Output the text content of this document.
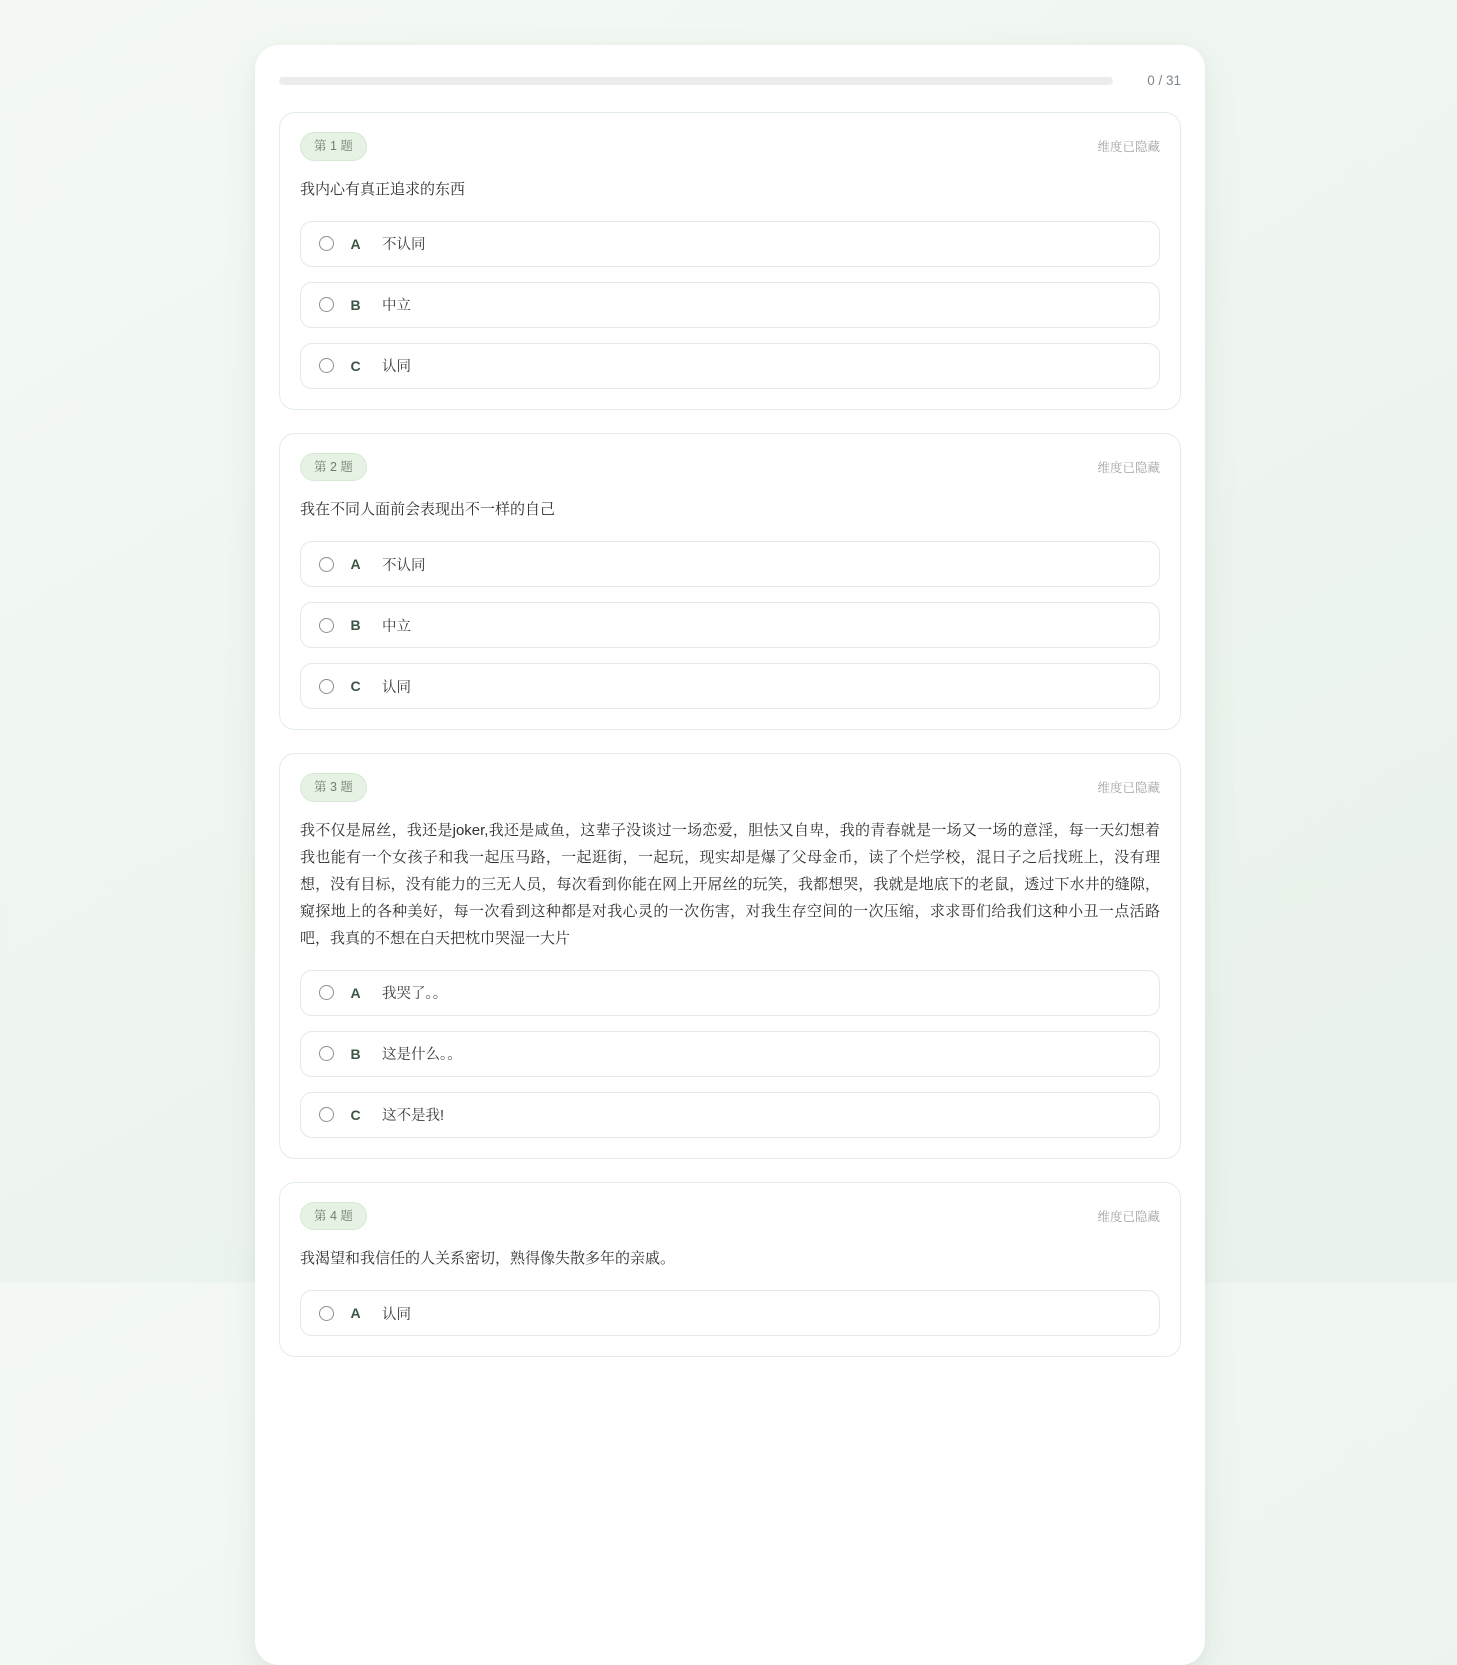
0 / 31
第 1 题	维度已隐藏

我内心有真正追求的东西

A 不认同
B 中立
C 认同
第 2 题	维度已隐藏

我在不同人面前会表现出不一样的自己

A 不认同
B 中立
C 认同
第 3 题	维度已隐藏

我不仅是屌丝，我还是joker,我还是咸鱼，这辈子没谈过一场恋爱，胆怯又自卑，我的青春就是一场又一场的意淫，每一天幻想着我也能有一个女孩子和我一起压马路，一起逛街，一起玩，现实却是爆了父母金币，读了个烂学校，混日子之后找班上，没有理想，没有目标，没有能力的三无人员，每次看到你能在网上开屌丝的玩笑，我都想哭，我就是地底下的老鼠，透过下水井的缝隙，窥探地上的各种美好，每一次看到这种都是对我心灵的一次伤害，对我生存空间的一次压缩，求求哥们给我们这种小丑一点活路吧，我真的不想在白天把枕巾哭湿一大片

A 我哭了。。
B 这是什么。。
C 这不是我!
第 4 题	维度已隐藏

我渴望和我信任的人关系密切，熟得像失散多年的亲戚。

A 认同
